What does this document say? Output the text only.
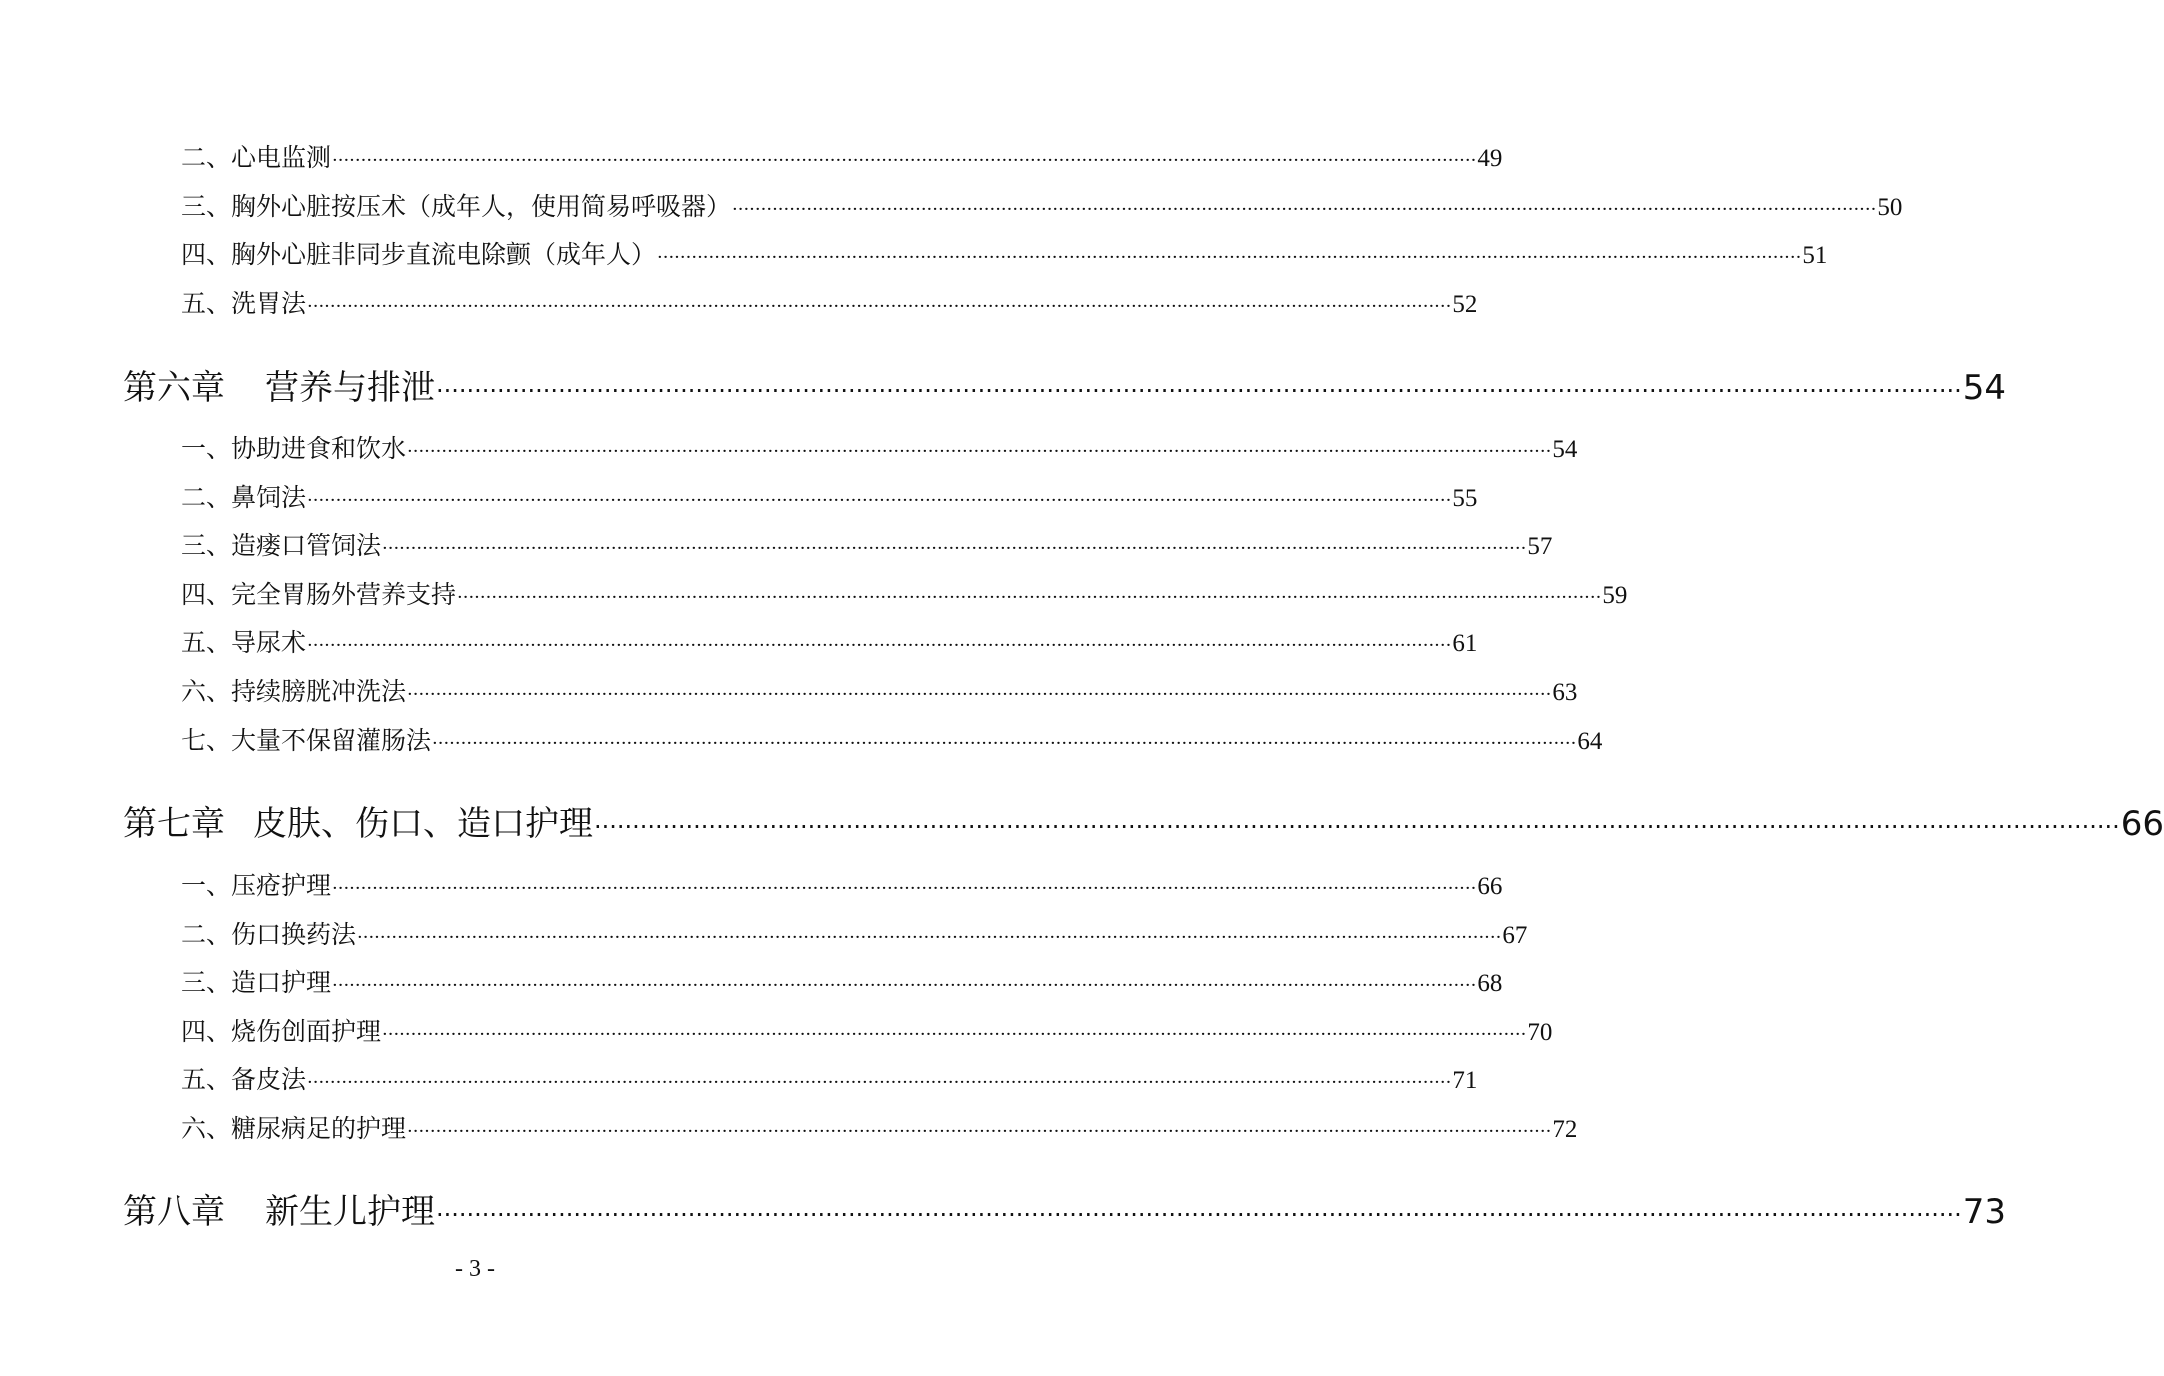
二、心电监测 ········································································································································································································ 49
三、胸外心脏按压术（成年人，使用简易呼吸器） ········································································································································································································ 50
四、胸外心脏非同步直流电除颤（成年人） ········································································································································································································ 51
五、洗胃法 ········································································································································································································ 52
第六章 营养与排泄 ········································································································································································································ 54
一、协助进食和饮水 ········································································································································································································ 54
二、鼻饲法 ········································································································································································································ 55
三、造瘘口管饲法 ········································································································································································································ 57
四、完全胃肠外营养支持 ········································································································································································································ 59
五、导尿术 ········································································································································································································ 61
六、持续膀胱冲洗法 ········································································································································································································ 63
七、大量不保留灌肠法 ········································································································································································································ 64
第七章 皮肤、伤口、造口护理 ········································································································································································································ 66
一、压疮护理 ········································································································································································································ 66
二、伤口换药法 ········································································································································································································ 67
三、造口护理 ········································································································································································································ 68
四、烧伤创面护理 ········································································································································································································ 70
五、备皮法 ········································································································································································································ 71
六、糖尿病足的护理 ········································································································································································································ 72
第八章 新生儿护理 ········································································································································································································ 73
- 3 -
